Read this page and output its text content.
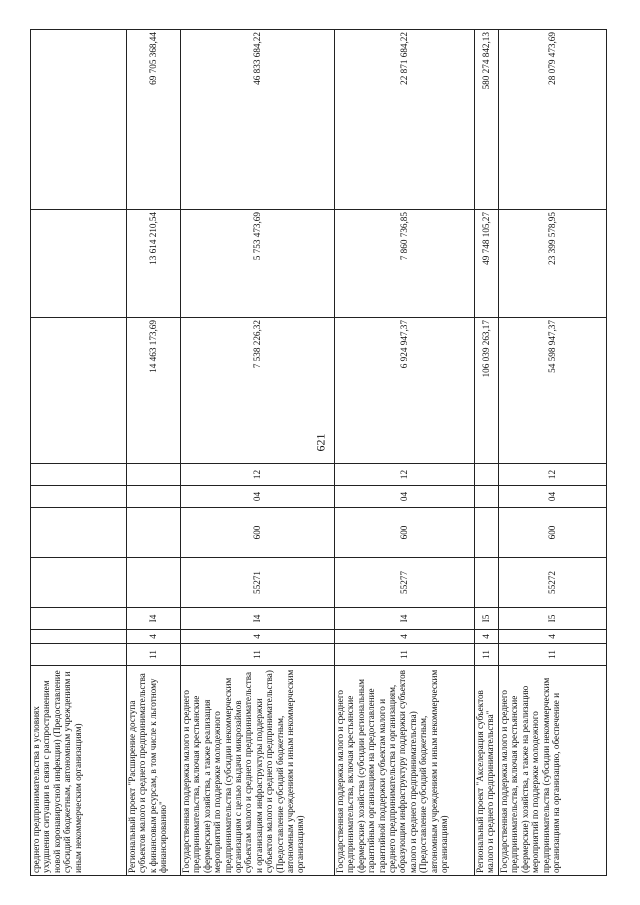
621
среднего предпринимательства в условиях ухудшения ситуации в связи с распространением новой коронавирусной инфекции) (Предоставление субсидий бюджетным, автономным учреждениям и иным некоммерческим организациям)										
Региональный проект "Расширение доступа субъектов малого и среднего предпринимательства к финансовым ресурсам, в том числе к льготному финансированию"	11	4	I4					14 463 173,69	13 614 210,54	69 705 368,44
Государственная поддержка малого и среднего предпринимательства, включая крестьянские (фермерские) хозяйства, а также реализация мероприятий по поддержке молодежного предпринимательства (субсидии некоммерческим организациям с целью выдачи микрозаймов субъектам малого и среднего предпринимательства и организациям инфраструктуры поддержки субъектов малого и среднего предпринимательства) (Предоставление субсидий бюджетным, автономным учреждениям и иным некоммерческим организациям)	11	4	I4	55271	600	04	12	7 538 226,32	5 753 473,69	46 833 684,22
Государственная поддержка малого и среднего предпринимательства, включая крестьянские (фермерские) хозяйства (субсидии региональным гарантийным организациям на предоставление гарантийной поддержки субъектам малого и среднего предпринимательства и организациям, образующим инфраструктуру поддержки субъектов малого и среднего предпринимательства) (Предоставление субсидий бюджетным, автономным учреждениям и иным некоммерческим организациям)	11	4	I4	55277	600	04	12	6 924 947,37	7 860 736,85	22 871 684,22
Региональный проект "Акселерация субъектов малого и среднего предпринимательства"	11	4	I5					106 039 263,17	49 748 105,27	580 274 842,13
Государственная поддержка малого и среднего предпринимательства, включая крестьянские (фермерские) хозяйства, а также на реализацию мероприятий по поддержке молодежного предпринимательства (субсидии некоммерческим организациям на организацию, обеспечение и	11	4	I5	55272	600	04	12	54 598 947,37	23 399 578,95	28 079 473,69
